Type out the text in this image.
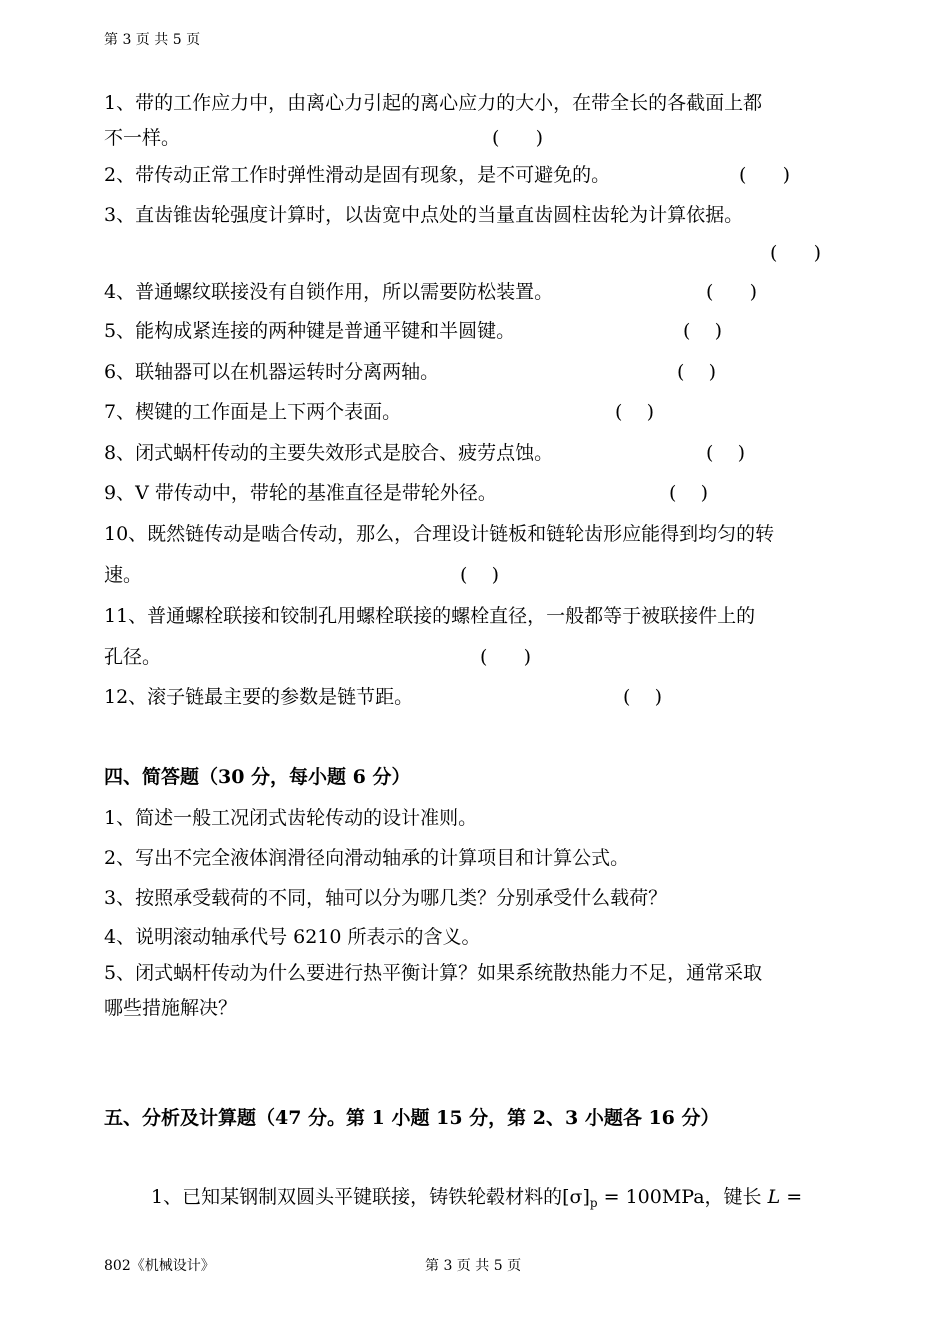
第 3 页 共 5 页
1、带的工作应力中，由离心力引起的离心应力的大小，在带全长的各截面上都
不一样。	(      )
2、带传动正常工作时弹性滑动是固有现象，是不可避免的。	(      )
3、直齿锥齿轮强度计算时，以齿宽中点处的当量直齿圆柱齿轮为计算依据。
(      )
4、普通螺纹联接没有自锁作用，所以需要防松装置。	(      )
5、能构成紧连接的两种键是普通平键和半圆键。	(    )
6、联轴器可以在机器运转时分离两轴。	(    )
7、楔键的工作面是上下两个表面。	(    )
8、闭式蜗杆传动的主要失效形式是胶合、疲劳点蚀。	(    )
9、V 带传动中，带轮的基准直径是带轮外径。	(    )
10、既然链传动是啮合传动，那么，合理设计链板和链轮齿形应能得到均匀的转
速。	(    )
11、普通螺栓联接和铰制孔用螺栓联接的螺栓直径，一般都等于被联接件上的
孔径。	(      )
12、滚子链最主要的参数是链节距。	(    )
四、简答题（30 分，每小题 6 分）
1、简述一般工况闭式齿轮传动的设计准则。
2、写出不完全液体润滑径向滑动轴承的计算项目和计算公式。
3、按照承受载荷的不同，轴可以分为哪几类？分别承受什么载荷？
4、说明滚动轴承代号 6210 所表示的含义。
5、闭式蜗杆传动为什么要进行热平衡计算？如果系统散热能力不足，通常采取
哪些措施解决？
五、分析及计算题（47 分。第 1 小题 15 分，第 2、3 小题各 16 分）
1、已知某钢制双圆头平键联接，铸铁轮毂材料的$[\sigma]_p = 100MPa$，键长 L =
802《机械设计》	第 3 页 共 5 页
